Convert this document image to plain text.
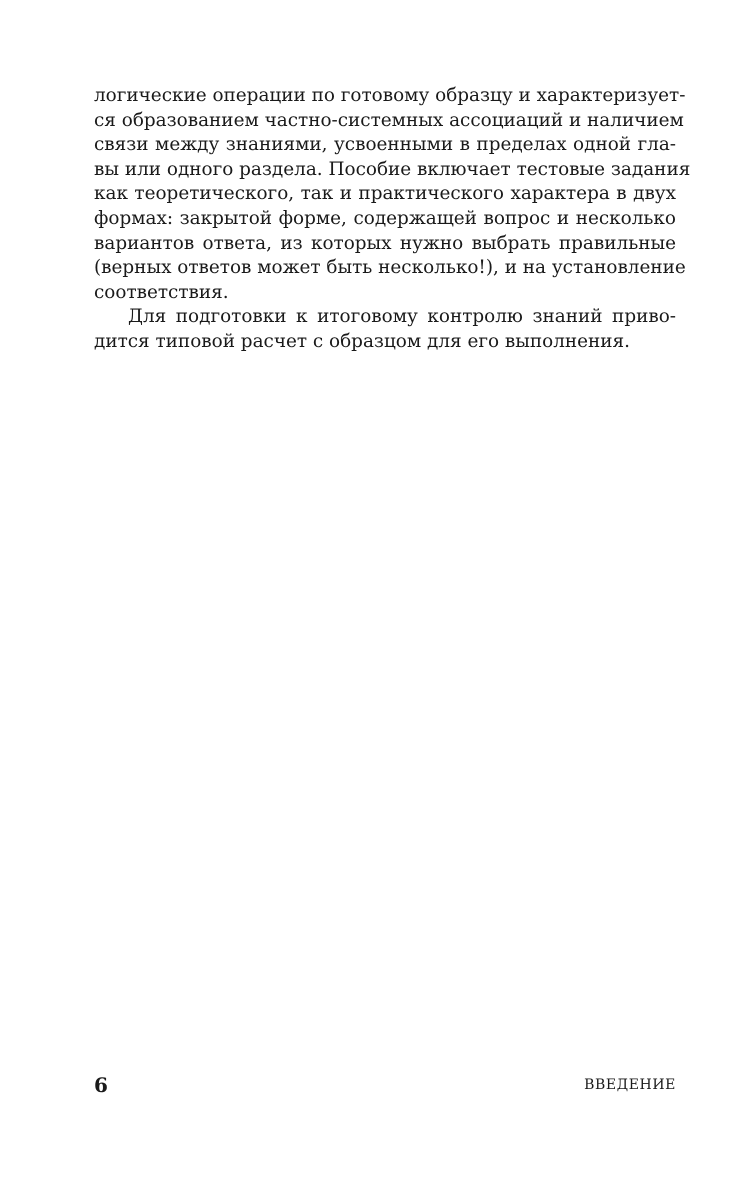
логические операции по готовому образцу и характеризует-
ся образованием частно-системных ассоциаций и наличием
связи между знаниями, усвоенными в пределах одной гла-
вы или одного раздела. Пособие включает тестовые задания
как теоретического, так и практического характера в двух
формах: закрытой форме, содержащей вопрос и несколько
вариантов ответа, из которых нужно выбрать правильные
(верных ответов может быть несколько!), и на установление
соответствия.
Для подготовки к итоговому контролю знаний приво-
дится типовой расчет с образцом для его выполнения.
6	ВВЕДЕНИЕ
